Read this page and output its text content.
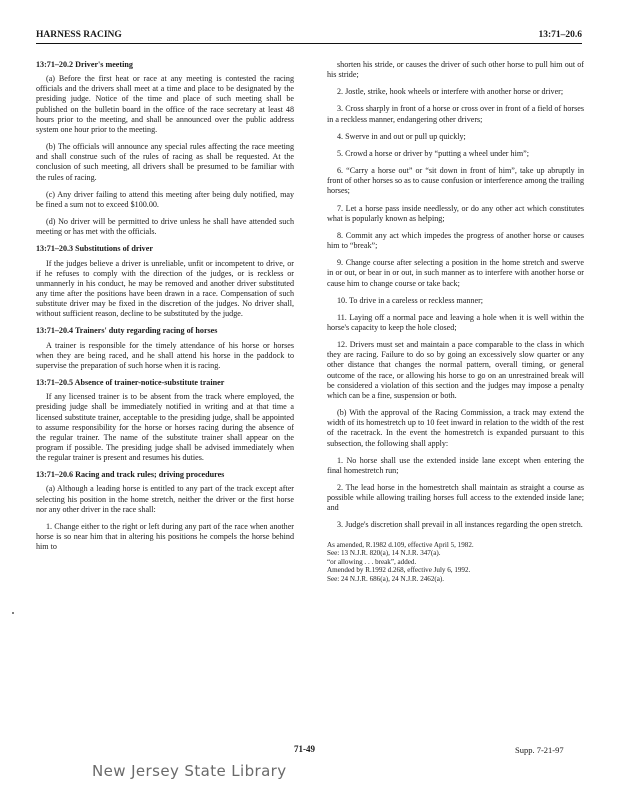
HARNESS RACING	13:71–20.6

13:71–20.2 Driver's meeting

(a) Before the first heat or race at any meeting is contested the racing officials and the drivers shall meet at a time and place to be designated by the presiding judge. Notice of the time and place of such meeting shall be published on the bulletin board in the office of the race secretary at least 48 hours prior to the meeting, and shall be announced over the public address system one hour prior to the meeting.

(b) The officials will announce any special rules affecting the race meeting and shall construe such of the rules of racing as shall be requested. At the conclusion of such meeting, all drivers shall be presumed to be familiar with the rules of racing.

(c) Any driver failing to attend this meeting after being duly notified, may be fined a sum not to exceed $100.00.

(d) No driver will be permitted to drive unless he shall have attended such meeting or has met with the officials.

13:71–20.3 Substitutions of driver

If the judges believe a driver is unreliable, unfit or incompetent to drive, or if he refuses to comply with the direction of the judges, or is reckless or unmannerly in his conduct, he may be removed and another driver substituted any time after the positions have been drawn in a race. Compensation of such substitute driver may be fixed in the discretion of the judges. No driver shall, without sufficient reason, decline to be substituted by the judge.

13:71–20.4 Trainers' duty regarding racing of horses

A trainer is responsible for the timely attendance of his horse or horses when they are being raced, and he shall attend his horse in the paddock to supervise the preparation of such horse when it is racing.

13:71–20.5 Absence of trainer-notice-substitute trainer

If any licensed trainer is to be absent from the track where employed, the presiding judge shall be immediately notified in writing and at that time a licensed substitute trainer, acceptable to the presiding judge, shall be appointed to assume responsibility for the horse or horses racing during the absence of the regular trainer. The name of the substitute trainer shall appear on the program if possible. The presiding judge shall be advised immediately when the regular trainer is present and resumes his duties.

13:71–20.6 Racing and track rules; driving procedures

(a) Although a leading horse is entitled to any part of the track except after selecting his position in the home stretch, neither the driver or the first horse nor any other driver in the race shall:

1. Change either to the right or left during any part of the race when another horse is so near him that in altering his positions he compels the horse behind him to

shorten his stride, or causes the driver of such other horse to pull him out of his stride;

2. Jostle, strike, hook wheels or interfere with another horse or driver;

3. Cross sharply in front of a horse or cross over in front of a field of horses in a reckless manner, endangering other drivers;

4. Swerve in and out or pull up quickly;

5. Crowd a horse or driver by “putting a wheel under him”;

6. “Carry a horse out” or “sit down in front of him”, take up abruptly in front of other horses so as to cause confusion or interference among the trailing horses;

7. Let a horse pass inside needlessly, or do any other act which constitutes what is popularly known as helping;

8. Commit any act which impedes the progress of another horse or causes him to “break”;

9. Change course after selecting a position in the home stretch and swerve in or out, or bear in or out, in such manner as to interfere with another horse or cause him to change course or take back;

10. To drive in a careless or reckless manner;

11. Laying off a normal pace and leaving a hole when it is well within the horse's capacity to keep the hole closed;

12. Drivers must set and maintain a pace comparable to the class in which they are racing. Failure to do so by going an excessively slow quarter or any other distance that changes the normal pattern, overall timing, or general outcome of the race, or allowing his horse to go on an unrestrained break will be considered a violation of this section and the judges may impose a penalty which can be a fine, suspension or both.

(b) With the approval of the Racing Commission, a track may extend the width of its homestretch up to 10 feet inward in relation to the width of the rest of the racetrack. In the event the homestretch is expanded pursuant to this subsection, the following shall apply:

1. No horse shall use the extended inside lane except when entering the final homestretch run;

2. The lead horse in the homestretch shall maintain as straight a course as possible while allowing trailing horses full access to the extended inside lane; and

3. Judge's discretion shall prevail in all instances regarding the open stretch.

As amended, R.1982 d.109, effective April 5, 1982.

See: 13 N.J.R. 820(a), 14 N.J.R. 347(a).

“or allowing . . . break”, added.

Amended by R.1992 d.268, effective July 6, 1992.

See: 24 N.J.R. 686(a), 24 N.J.R. 2462(a).

71-49	Supp. 7-21-97
New Jersey State Library
